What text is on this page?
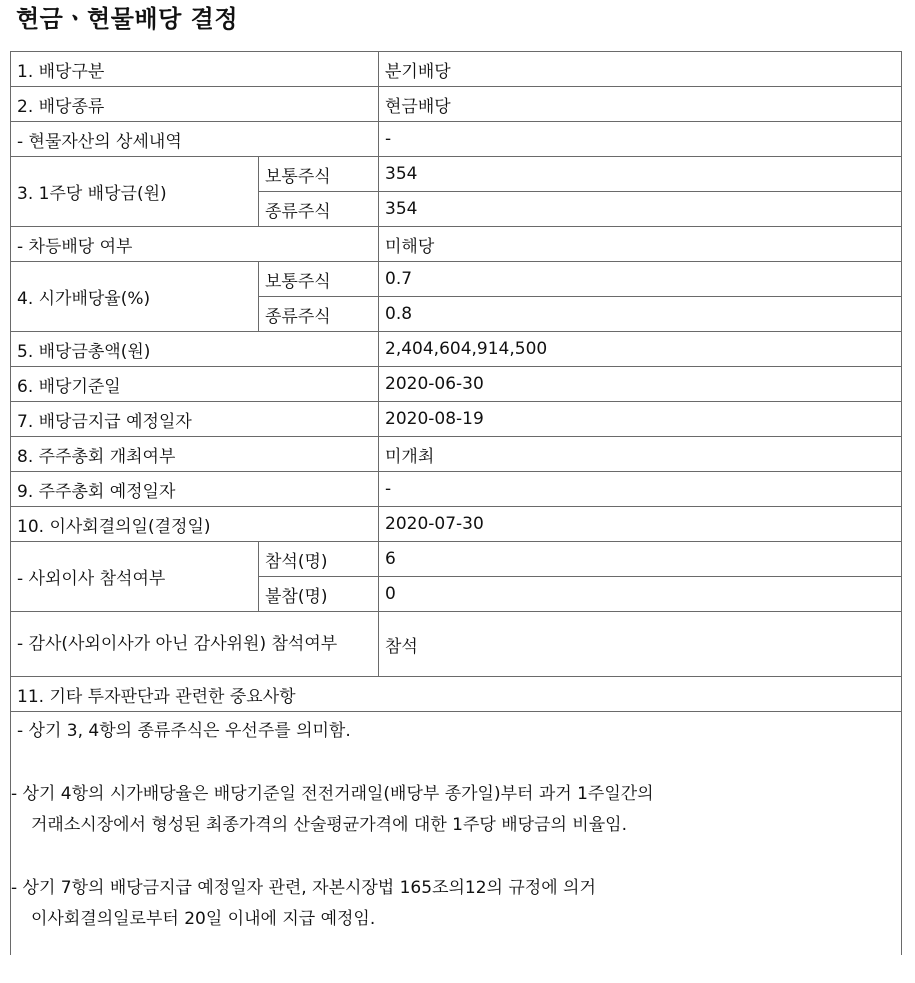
현금ㆍ현물배당 결정
1. 배당구분		분기배당
2. 배당종류		현금배당
- 현물자산의 상세내역		-
3. 1주당 배당금(원)	보통주식	354
	종류주식	354
- 차등배당 여부		미해당
4. 시가배당율(%)	보통주식	0.7
	종류주식	0.8
5. 배당금총액(원)		2,404,604,914,500
6. 배당기준일		2020-06-30
7. 배당금지급 예정일자		2020-08-19
8. 주주총회 개최여부		미개최
9. 주주총회 예정일자		-
10. 이사회결의일(결정일)		2020-07-30
- 사외이사 참석여부	참석(명)	6
	불참(명)	0
- 감사(사외이사가 아닌 감사위원) 참석여부		참석
11. 기타 투자판단과 관련한 중요사항		

- 상기 3, 4항의 종류주식은 우선주를 의미함.
- 상기 4항의 시가배당율은 배당기준일 전전거래일(배당부 종가일)부터 과거 1주일간의
거래소시장에서 형성된 최종가격의 산술평균가격에 대한 1주당 배당금의 비율임.
- 상기 7항의 배당금지급 예정일자 관련, 자본시장법 165조의12의 규정에 의거
이사회결의일로부터 20일 이내에 지급 예정임.		
